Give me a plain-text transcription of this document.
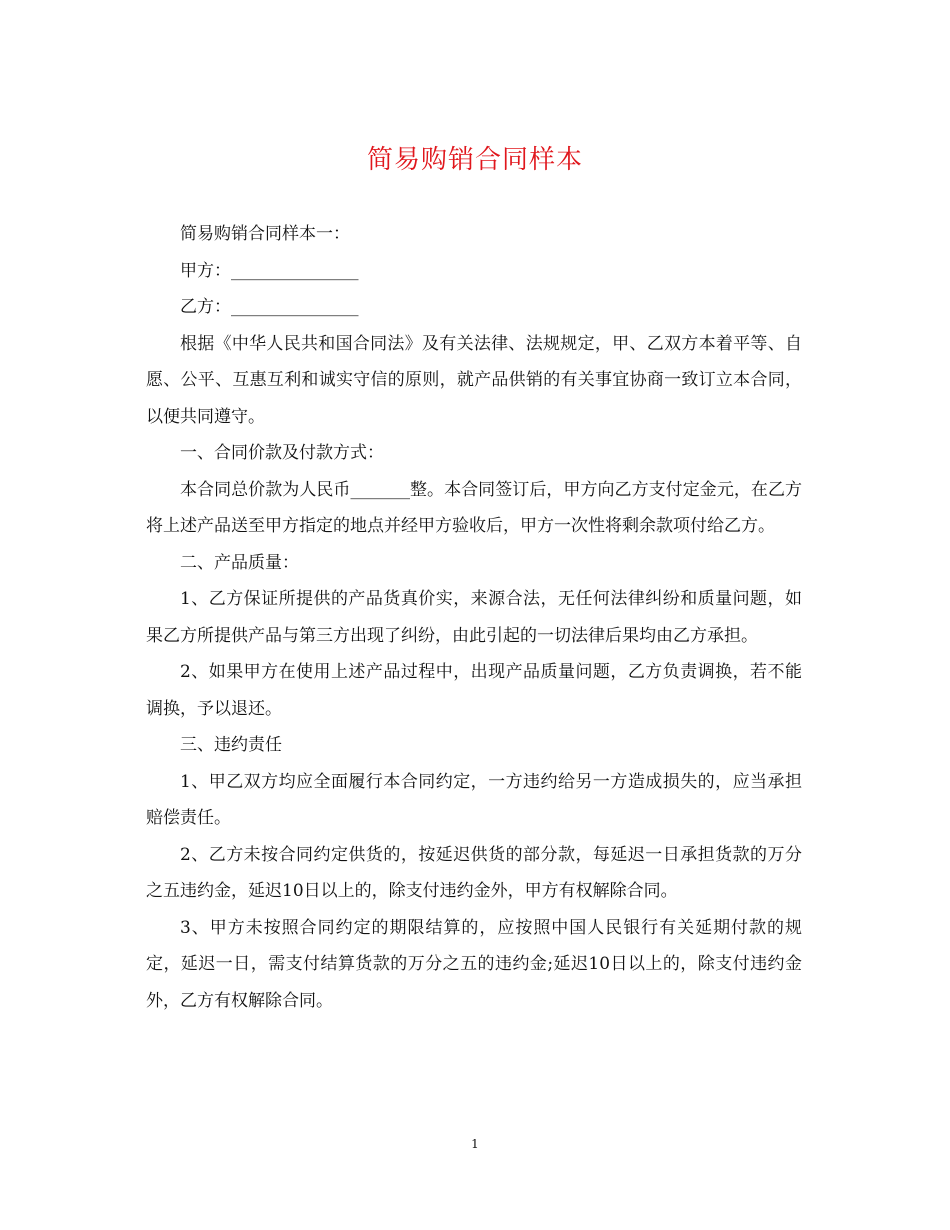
简易购销合同样本

简易购销合同样本一：

甲方：_______________

乙方：_______________

根据《中华人民共和国合同法》及有关法律、法规规定，甲、乙双方本着平等、自愿、公平、互惠互利和诚实守信的原则，就产品供销的有关事宜协商一致订立本合同，以便共同遵守。

一、合同价款及付款方式：

本合同总价款为人民币_______整。本合同签订后，甲方向乙方支付定金元，在乙方将上述产品送至甲方指定的地点并经甲方验收后，甲方一次性将剩余款项付给乙方。

二、产品质量：

1、乙方保证所提供的产品货真价实，来源合法，无任何法律纠纷和质量问题，如果乙方所提供产品与第三方出现了纠纷，由此引起的一切法律后果均由乙方承担。

2、如果甲方在使用上述产品过程中，出现产品质量问题，乙方负责调换，若不能调换，予以退还。

三、违约责任

1、甲乙双方均应全面履行本合同约定，一方违约给另一方造成损失的，应当承担赔偿责任。

2、乙方未按合同约定供货的，按延迟供货的部分款，每延迟一日承担货款的万分之五违约金，延迟10日以上的，除支付违约金外，甲方有权解除合同。

3、甲方未按照合同约定的期限结算的，应按照中国人民银行有关延期付款的规定，延迟一日，需支付结算货款的万分之五的违约金;延迟10日以上的，除支付违约金外，乙方有权解除合同。

1
